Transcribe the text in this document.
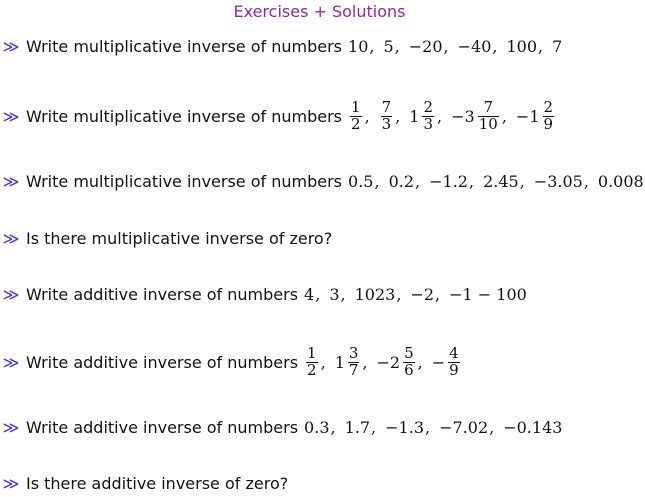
Exercises + Solutions
≫ Write multiplicative inverse of numbers 10 , 5 , −20 , −40 , 100 , 7
≫ Write multiplicative inverse of numbers $\frac{1}{2}$ , $\frac{7}{3}$ , $1 \frac{2}{3}$ , $-3 \frac{7}{10}$ , $-1 \frac{2}{9}$
≫ Write multiplicative inverse of numbers 0.5 , 0.2 , −1.2 , 2.45 , −3.05 , 0.008
≫ Is there multiplicative inverse of zero?
≫ Write additive inverse of numbers 4 , 3 , 1023 , −2 , −1 − 100
≫ Write additive inverse of numbers $\frac{1}{2}$ , $1 \frac{3}{7}$ , $-2 \frac{5}{6}$ , − $\frac{4}{9}$
≫ Write additive inverse of numbers 0.3 , 1.7 , −1.3 , −7.02 , −0.143
≫ Is there additive inverse of zero?
